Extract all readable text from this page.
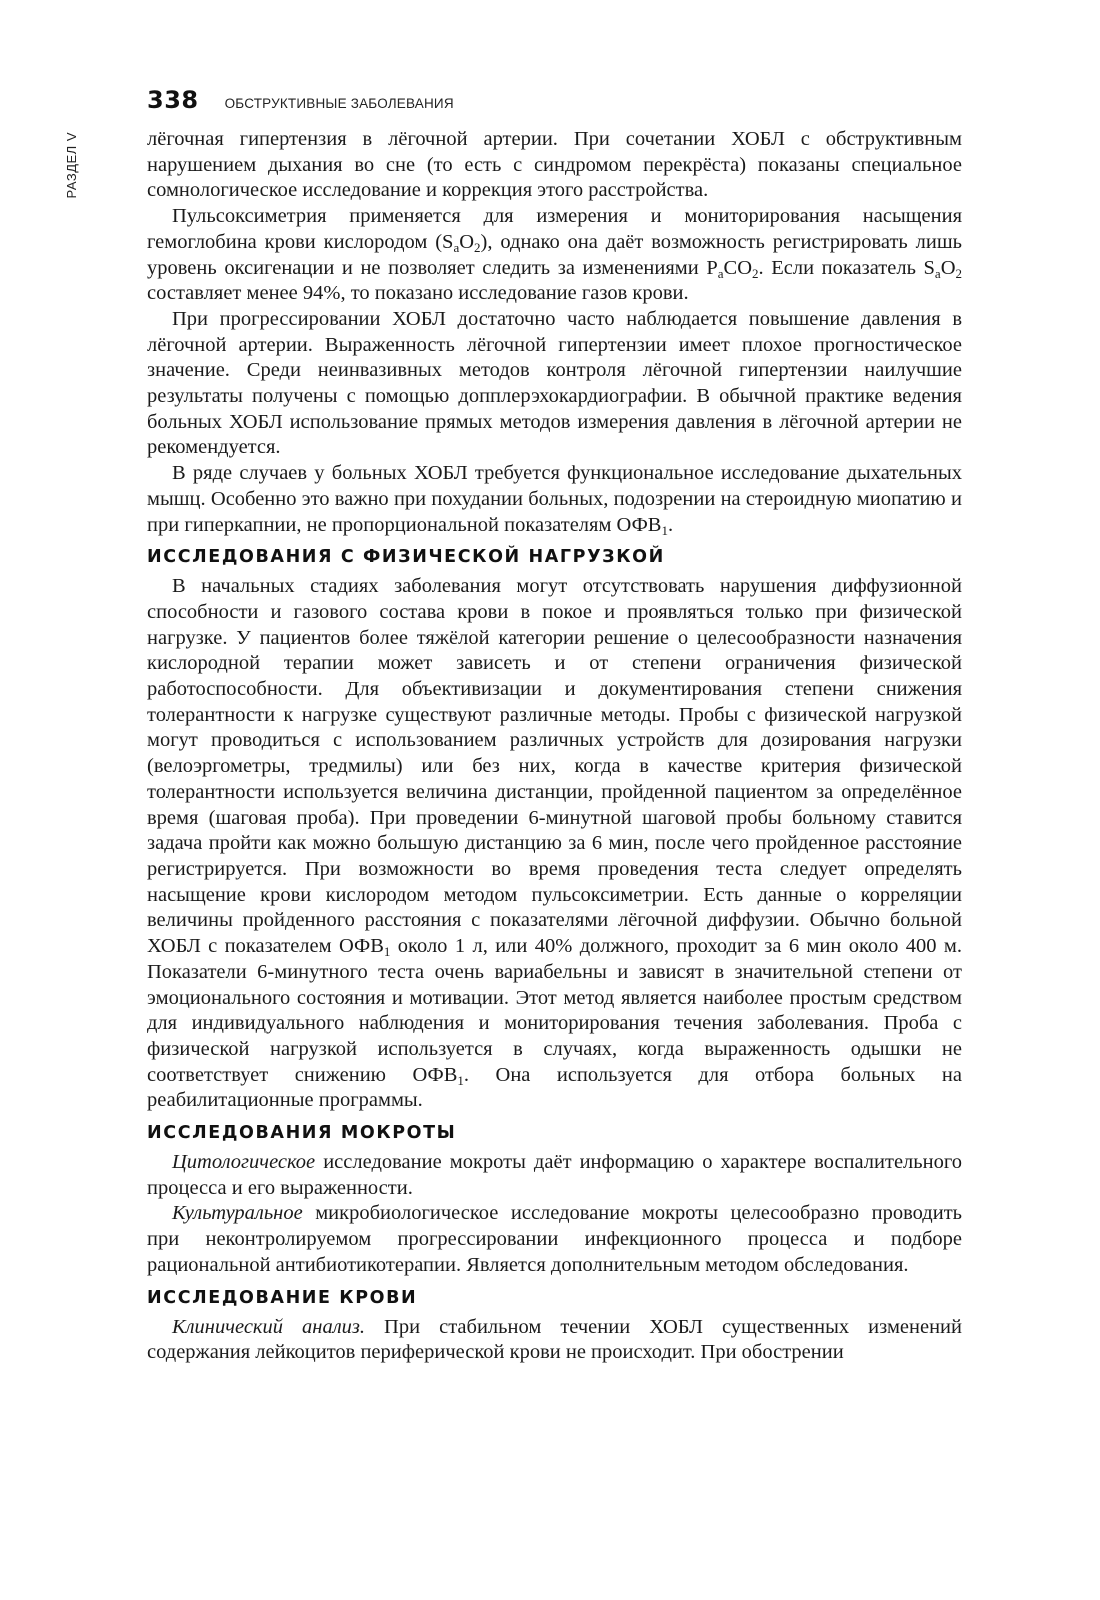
РАЗДЕЛ V
338 ОБСТРУКТИВНЫЕ ЗАБОЛЕВАНИЯ

лёгочная гипертензия в лёгочной артерии. При сочетании ХОБЛ с обструктивным нарушением дыхания во сне (то есть с синдромом перекрёста) показаны специальное сомнологическое исследование и коррекция этого расстройства.

Пульсоксиметрия применяется для измерения и мониторирования насыщения гемоглобина крови кислородом $(S_aO_2)$, однако она даёт возможность регистрировать лишь уровень оксигенации и не позволяет следить за изменениями $P_aCO_2$. Если показатель $S_aO_2$ составляет менее 94%, то показано исследование газов крови.

При прогрессировании ХОБЛ достаточно часто наблюдается повышение давления в лёгочной артерии. Выраженность лёгочной гипертензии имеет плохое прогностическое значение. Среди неинвазивных методов контроля лёгочной гипертензии наилучшие результаты получены с помощью допплерэхокардиографии. В обычной практике ведения больных ХОБЛ использование прямых методов измерения давления в лёгочной артерии не рекомендуется.

В ряде случаев у больных ХОБЛ требуется функциональное исследование дыхательных мышц. Особенно это важно при похудании больных, подозрении на стероидную миопатию и при гиперкапнии, не пропорциональной показателям $ОФВ_1$.

ИССЛЕДОВАНИЯ С ФИЗИЧЕСКОЙ НАГРУЗКОЙ

В начальных стадиях заболевания могут отсутствовать нарушения диффузионной способности и газового состава крови в покое и проявляться только при физической нагрузке. У пациентов более тяжёлой категории решение о целесообразности назначения кислородной терапии может зависеть и от степени ограничения физической работоспособности. Для объективизации и документирования степени снижения толерантности к нагрузке существуют различные методы. Пробы с физической нагрузкой могут проводиться с использованием различных устройств для дозирования нагрузки (велоэргометры, тредмилы) или без них, когда в качестве критерия физической толерантности используется величина дистанции, пройденной пациентом за определённое время (шаговая проба). При проведении 6-минутной шаговой пробы больному ставится задача пройти как можно большую дистанцию за 6 мин, после чего пройденное расстояние регистрируется. При возможности во время проведения теста следует определять насыщение крови кислородом методом пульсоксиметрии. Есть данные о корреляции величины пройденного расстояния с показателями лёгочной диффузии. Обычно больной ХОБЛ с показателем $ОФВ_1$ около 1 л, или 40% должного, проходит за 6 мин около 400 м. Показатели 6-минутного теста очень вариабельны и зависят в значительной степени от эмоционального состояния и мотивации. Этот метод является наиболее простым средством для индивидуального наблюдения и мониторирования течения заболевания. Проба с физической нагрузкой используется в случаях, когда выраженность одышки не соответствует снижению $ОФВ_1$. Она используется для отбора больных на реабилитационные программы.

ИССЛЕДОВАНИЯ МОКРОТЫ

Цитологическое исследование мокроты даёт информацию о характере воспалительного процесса и его выраженности.

Культуральное микробиологическое исследование мокроты целесообразно проводить при неконтролируемом прогрессировании инфекционного процесса и подборе рациональной антибиотикотерапии. Является дополнительным методом обследования.

ИССЛЕДОВАНИЕ КРОВИ

Клинический анализ. При стабильном течении ХОБЛ существенных изменений содержания лейкоцитов периферической крови не происходит. При обострении
